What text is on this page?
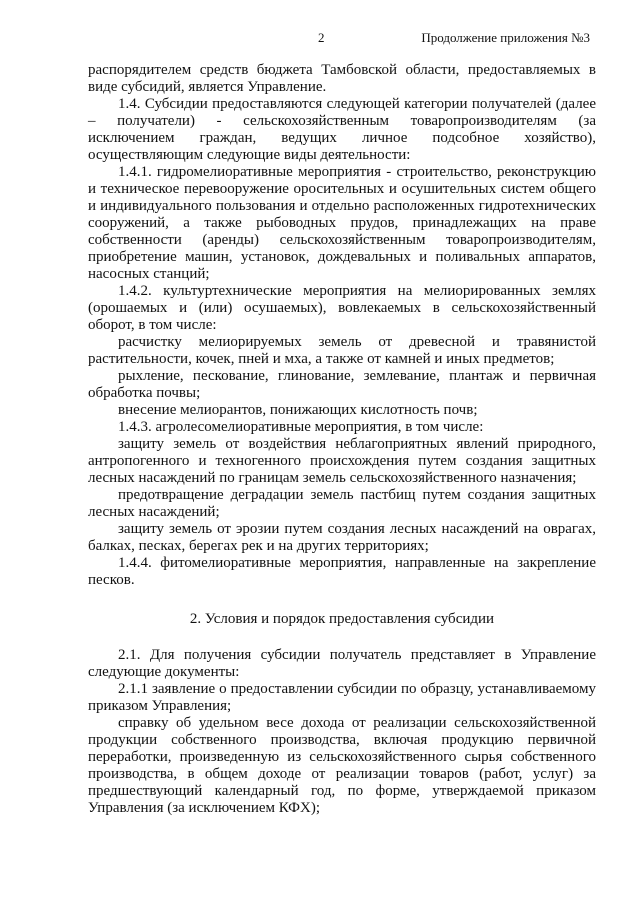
2	Продолжение приложения №3

распорядителем средств бюджета Тамбовской области, предоставляемых в виде субсидий, является Управление.

1.4. Субсидии предоставляются следующей категории получателей (далее – получатели) - сельскохозяйственным товаропроизводителям (за исключением граждан, ведущих личное подсобное хозяйство), осуществляющим следующие виды деятельности:

1.4.1. гидромелиоративные мероприятия - строительство, реконструкцию и техническое перевооружение оросительных и осушительных систем общего и индивидуального пользования и отдельно расположенных гидротехнических сооружений, а также рыбоводных прудов, принадлежащих на праве собственности (аренды) сельскохозяйственным товаропроизводителям, приобретение машин, установок, дождевальных и поливальных аппаратов, насосных станций;

1.4.2. культуртехнические мероприятия на мелиорированных землях (орошаемых и (или) осушаемых), вовлекаемых в сельскохозяйственный оборот, в том числе:

расчистку мелиорируемых земель от древесной и травянистой растительности, кочек, пней и мха, а также от камней и иных предметов;

рыхление, пескование, глинование, землевание, плантаж и первичная обработка почвы;

внесение мелиорантов, понижающих кислотность почв;

1.4.3. агролесомелиоративные мероприятия, в том числе:

защиту земель от воздействия неблагоприятных явлений природного, антропогенного и техногенного происхождения путем создания защитных лесных насаждений по границам земель сельскохозяйственного назначения;

предотвращение деградации земель пастбищ путем создания защитных лесных насаждений;

защиту земель от эрозии путем создания лесных насаждений на оврагах, балках, песках, берегах рек и на других территориях;

1.4.4. фитомелиоративные мероприятия, направленные на закрепление песков.

2. Условия и порядок предоставления субсидии

2.1. Для получения субсидии получатель представляет в Управление следующие документы:

2.1.1 заявление о предоставлении субсидии по образцу, устанавливаемому приказом Управления;

справку об удельном весе дохода от реализации сельскохозяйственной продукции собственного производства, включая продукцию первичной переработки, произведенную из сельскохозяйственного сырья собственного производства, в общем доходе от реализации товаров (работ, услуг) за предшествующий календарный год, по форме, утверждаемой приказом Управления (за исключением КФХ);
